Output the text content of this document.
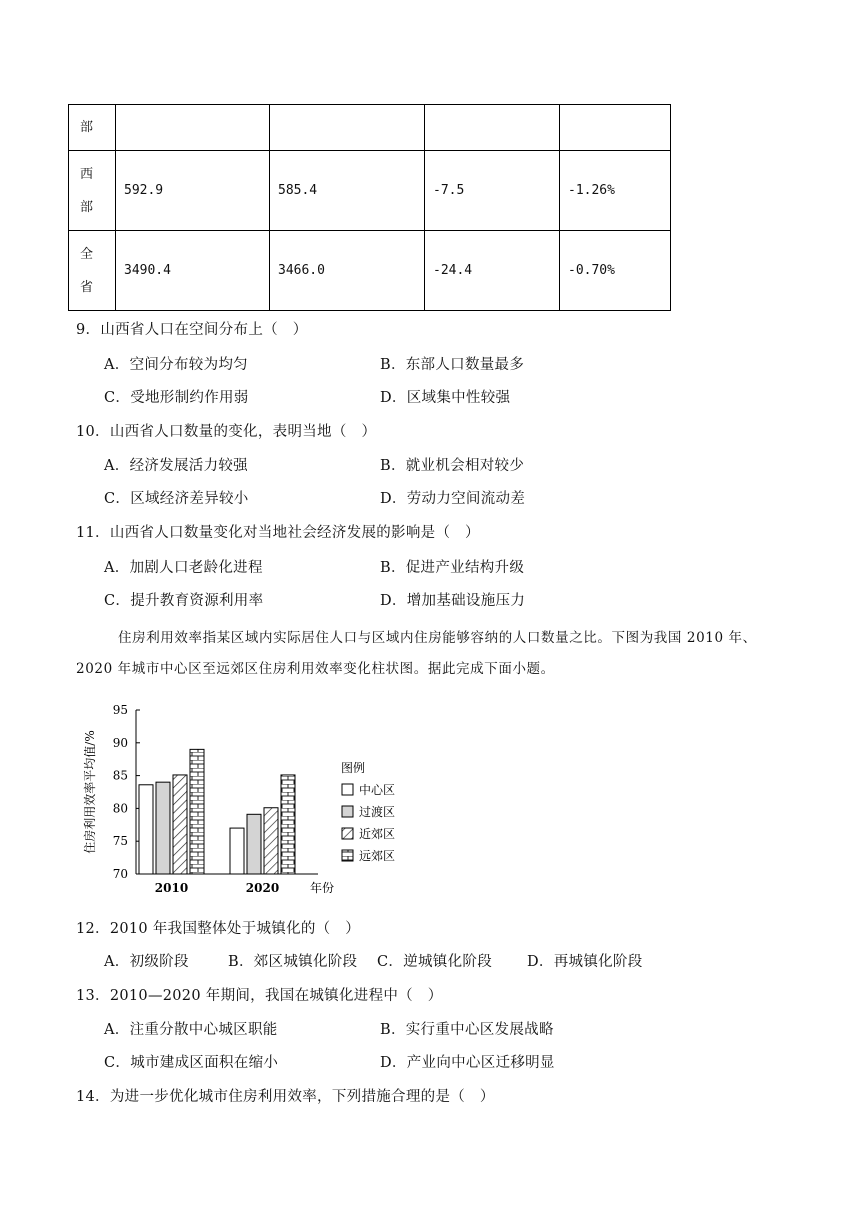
部				

西
部	592.9	585.4	-7.5	-1.26%

全
省	3490.4	3466.0	-24.4	-0.70%
9．山西省人口在空间分布上（　）
A．空间分布较为均匀	B．东部人口数量最多
C．受地形制约作用弱	D．区域集中性较强
10．山西省人口数量的变化，表明当地（　）
A．经济发展活力较强	B．就业机会相对较少
C．区域经济差异较小	D．劳动力空间流动差
11．山西省人口数量变化对当地社会经济发展的影响是（　）
A．加剧人口老龄化进程	B．促进产业结构升级
C．提升教育资源利用率	D．增加基础设施压力
住房利用效率指某区域内实际居住人口与区域内住房能够容纳的人口数量之比。下图为我国 2010 年、
2020 年城市中心区至远郊区住房利用效率变化柱状图。据此完成下面小题。
70
75
80
85
90
95
住房利用效率平均值/%
2010	2020	年份
图例
中心区
过渡区
近郊区
远郊区
12．2010 年我国整体处于城镇化的（　）
A．初级阶段	B．郊区城镇化阶段 C．逆城镇化阶段 D．再城镇化阶段
13．2010—2020 年期间，我国在城镇化进程中（　）
A．注重分散中心城区职能	B．实行重中心区发展战略
C．城市建成区面积在缩小	D．产业向中心区迁移明显
14．为进一步优化城市住房利用效率，下列措施合理的是（　）
